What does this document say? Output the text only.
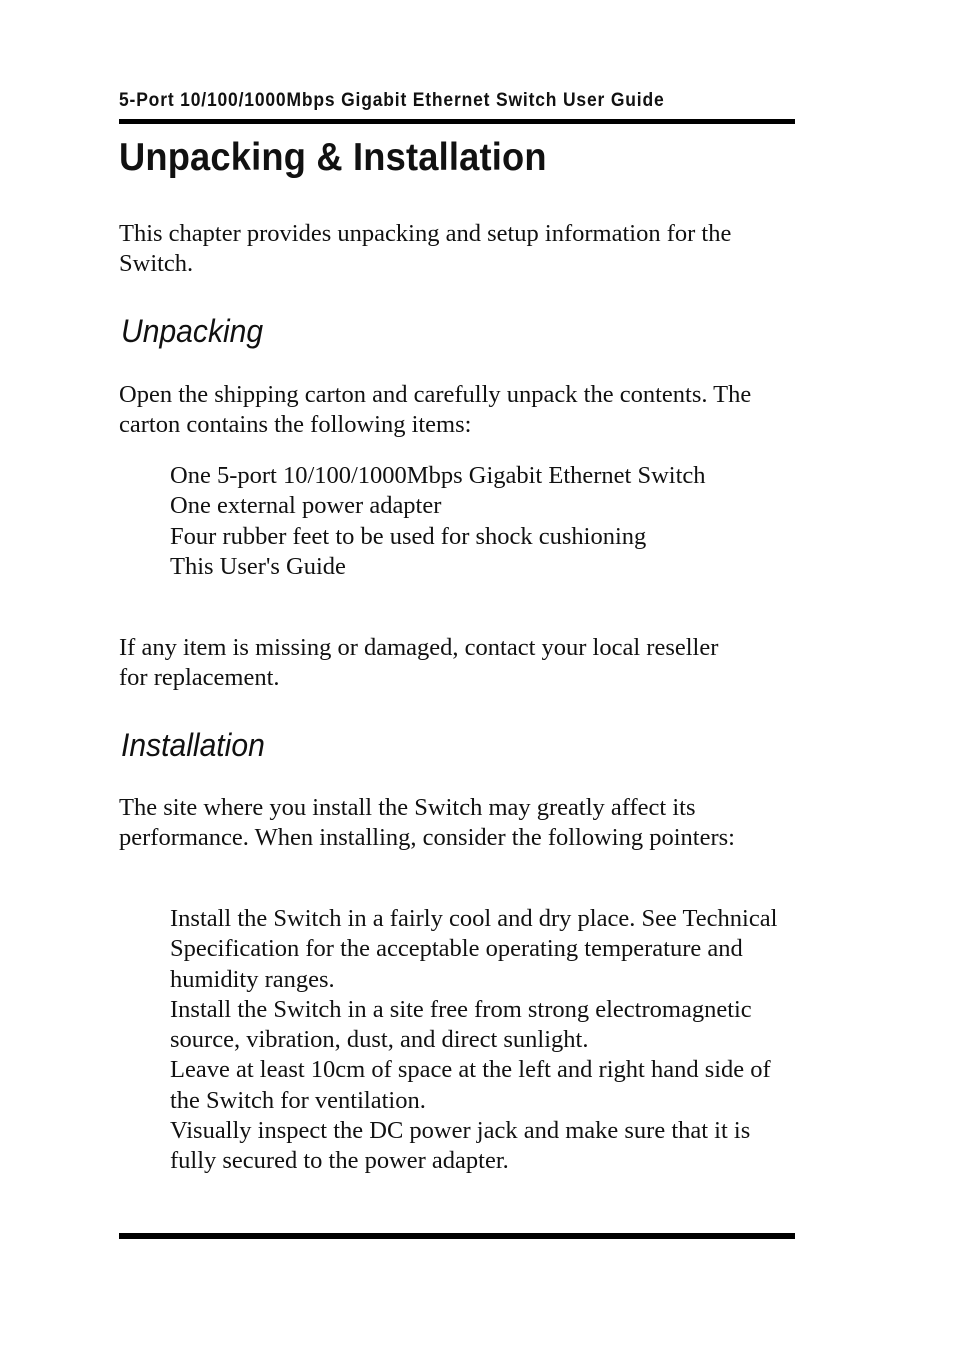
5-Port 10/100/1000Mbps Gigabit Ethernet Switch User Guide
Unpacking & Installation

This chapter provides unpacking and setup information for the Switch.

Unpacking

Open the shipping carton and carefully unpack the contents. The carton contains the following items:

One 5-port 10/100/1000Mbps Gigabit Ethernet Switch
One external power adapter
Four rubber feet to be used for shock cushioning
This User's Guide

If any item is missing or damaged, contact your local reseller for replacement.

Installation

The site where you install the Switch may greatly affect its performance. When installing, consider the following pointers:

Install the Switch in a fairly cool and dry place. See Technical Specification for the acceptable operating temperature and humidity ranges.
Install the Switch in a site free from strong electromagnetic source, vibration, dust, and direct sunlight.
Leave at least 10cm of space at the left and right hand side of the Switch for ventilation.
Visually inspect the DC power jack and make sure that it is fully secured to the power adapter.
